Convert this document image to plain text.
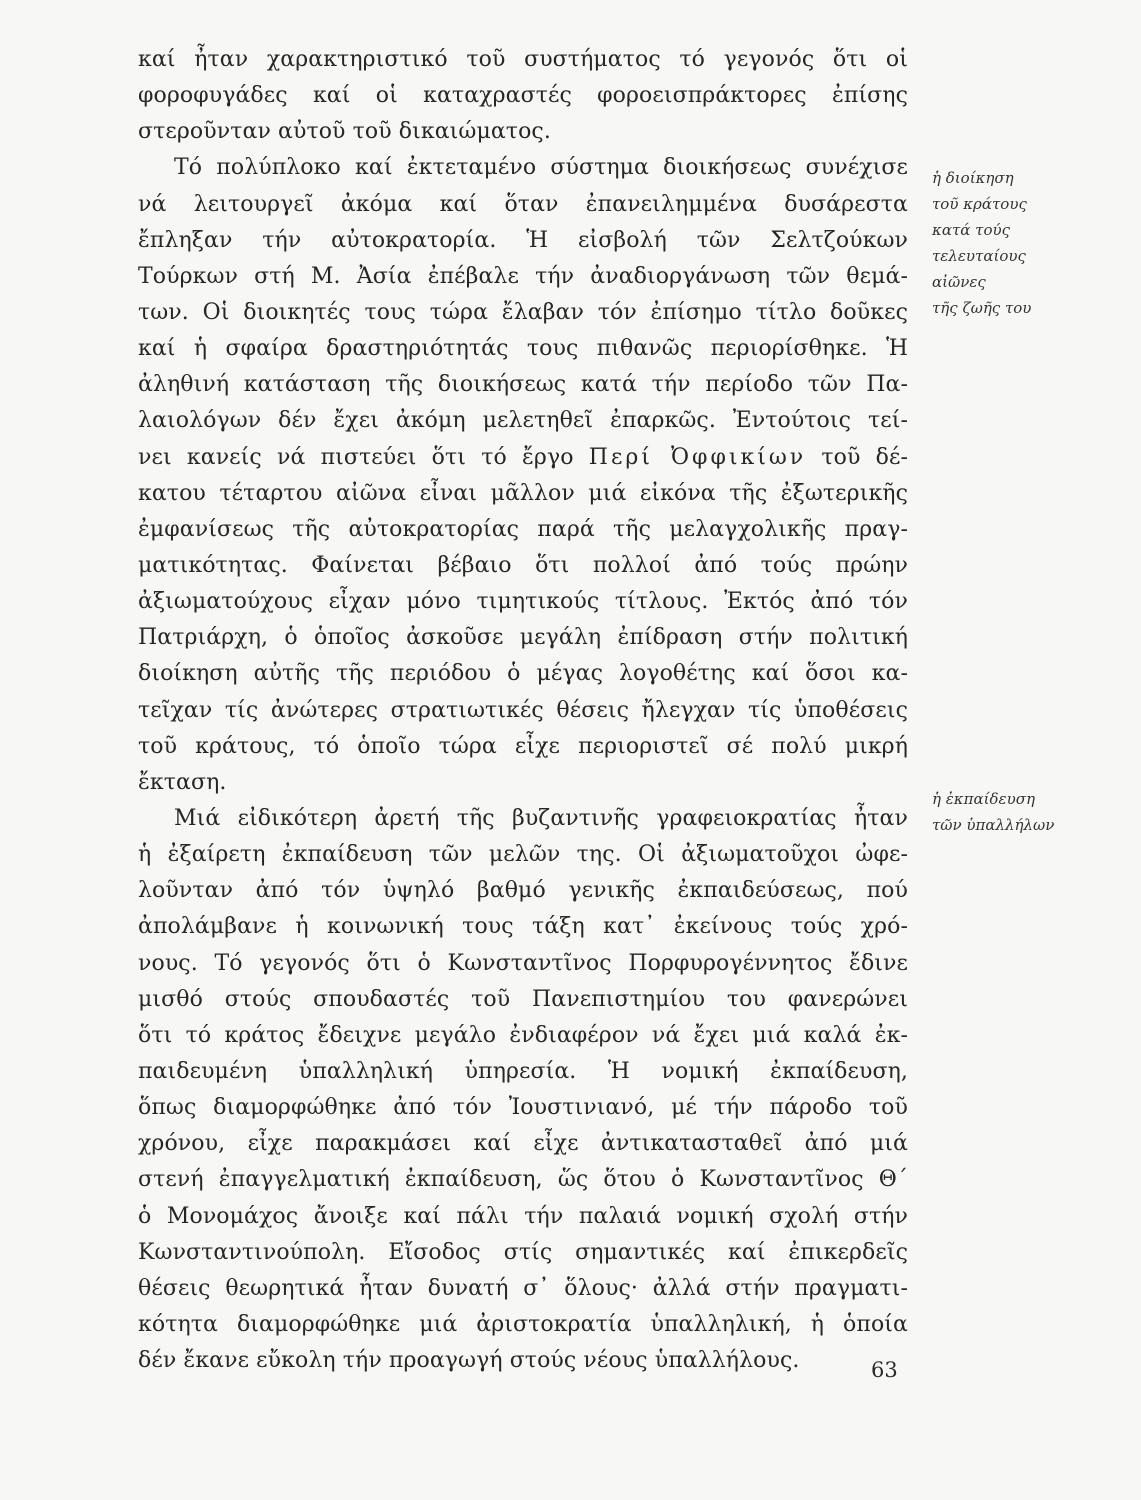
καί ἦταν χαρακτηριστικό τοῦ συστήματος τό γεγονός ὅτι οἱ
φοροφυγάδες καί οἱ καταχραστές φοροεισπράκτορες ἐπίσης
στεροῦνταν αὐτοῦ τοῦ δικαιώματος.
Τό πολύπλοκο καί ἐκτεταμένο σύστημα διοικήσεως συνέχισε
νά λειτουργεῖ ἀκόμα καί ὅταν ἐπανειλημμένα δυσάρεστα
ἔπληξαν τήν αὐτοκρατορία. Ἡ εἰσβολή τῶν Σελτζούκων
Τούρκων στή Μ. Ἀσία ἐπέβαλε τήν ἀναδιοργάνωση τῶν θεμά-
των. Οἱ διοικητές τους τώρα ἔλαβαν τόν ἐπίσημο τίτλο δοῦκες
καί ἡ σφαίρα δραστηριότητάς τους πιθανῶς περιορίσθηκε. Ἡ
ἀληθινή κατάσταση τῆς διοικήσεως κατά τήν περίοδο τῶν Πα-
λαιολόγων δέν ἔχει ἀκόμη μελετηθεῖ ἐπαρκῶς. Ἐντούτοις τεί-
νει κανείς νά πιστεύει ὅτι τό ἔργο Περί Ὀφφικίων τοῦ δέ-
κατου τέταρτου αἰῶνα εἶναι μᾶλλον μιά εἰκόνα τῆς ἐξωτερικῆς
ἐμφανίσεως τῆς αὐτοκρατορίας παρά τῆς μελαγχολικῆς πραγ-
ματικότητας. Φαίνεται βέβαιο ὅτι πολλοί ἀπό τούς πρώην
ἀξιωματούχους εἶχαν μόνο τιμητικούς τίτλους. Ἐκτός ἀπό τόν
Πατριάρχη, ὁ ὁποῖος ἀσκοῦσε μεγάλη ἐπίδραση στήν πολιτική
διοίκηση αὐτῆς τῆς περιόδου ὁ μέγας λογοθέτης καί ὅσοι κα-
τεῖχαν τίς ἀνώτερες στρατιωτικές θέσεις ἤλεγχαν τίς ὑποθέσεις
τοῦ κράτους, τό ὁποῖο τώρα εἶχε περιοριστεῖ σέ πολύ μικρή
ἔκταση.
Μιά εἰδικότερη ἀρετή τῆς βυζαντινῆς γραφειοκρατίας ἦταν
ἡ ἐξαίρετη ἐκπαίδευση τῶν μελῶν της. Οἱ ἀξιωματοῦχοι ὠφε-
λοῦνταν ἀπό τόν ὑψηλό βαθμό γενικῆς ἐκπαιδεύσεως, πού
ἀπολάμβανε ἡ κοινωνική τους τάξη κατ᾿ ἐκείνους τούς χρό-
νους. Τό γεγονός ὅτι ὁ Κωνσταντῖνος Πορφυρογέννητος ἔδινε
μισθό στούς σπουδαστές τοῦ Πανεπιστημίου του φανερώνει
ὅτι τό κράτος ἔδειχνε μεγάλο ἐνδιαφέρον νά ἔχει μιά καλά ἐκ-
παιδευμένη ὑπαλληλική ὑπηρεσία. Ἡ νομική ἐκπαίδευση,
ὅπως διαμορφώθηκε ἀπό τόν Ἰουστινιανό, μέ τήν πάροδο τοῦ
χρόνου, εἶχε παρακμάσει καί εἶχε ἀντικατασταθεῖ ἀπό μιά
στενή ἐπαγγελματική ἐκπαίδευση, ὥς ὅτου ὁ Κωνσταντῖνος Θ´
ὁ Μονομάχος ἄνοιξε καί πάλι τήν παλαιά νομική σχολή στήν
Κωνσταντινούπολη. Εἴσοδος στίς σημαντικές καί ἐπικερδεῖς
θέσεις θεωρητικά ἦταν δυνατή σ᾿ ὅλους· ἀλλά στήν πραγματι-
κότητα διαμορφώθηκε μιά ἀριστοκρατία ὑπαλληλική, ἡ ὁποία
δέν ἔκανε εὔκολη τήν προαγωγή στούς νέους ὑπαλλήλους.
ἡ διοίκηση
τοῦ κράτους
κατά τούς
τελευταίους
αἰῶνες
τῆς ζωῆς του
ἡ ἐκπαίδευση
τῶν ὑπαλλήλων
63
